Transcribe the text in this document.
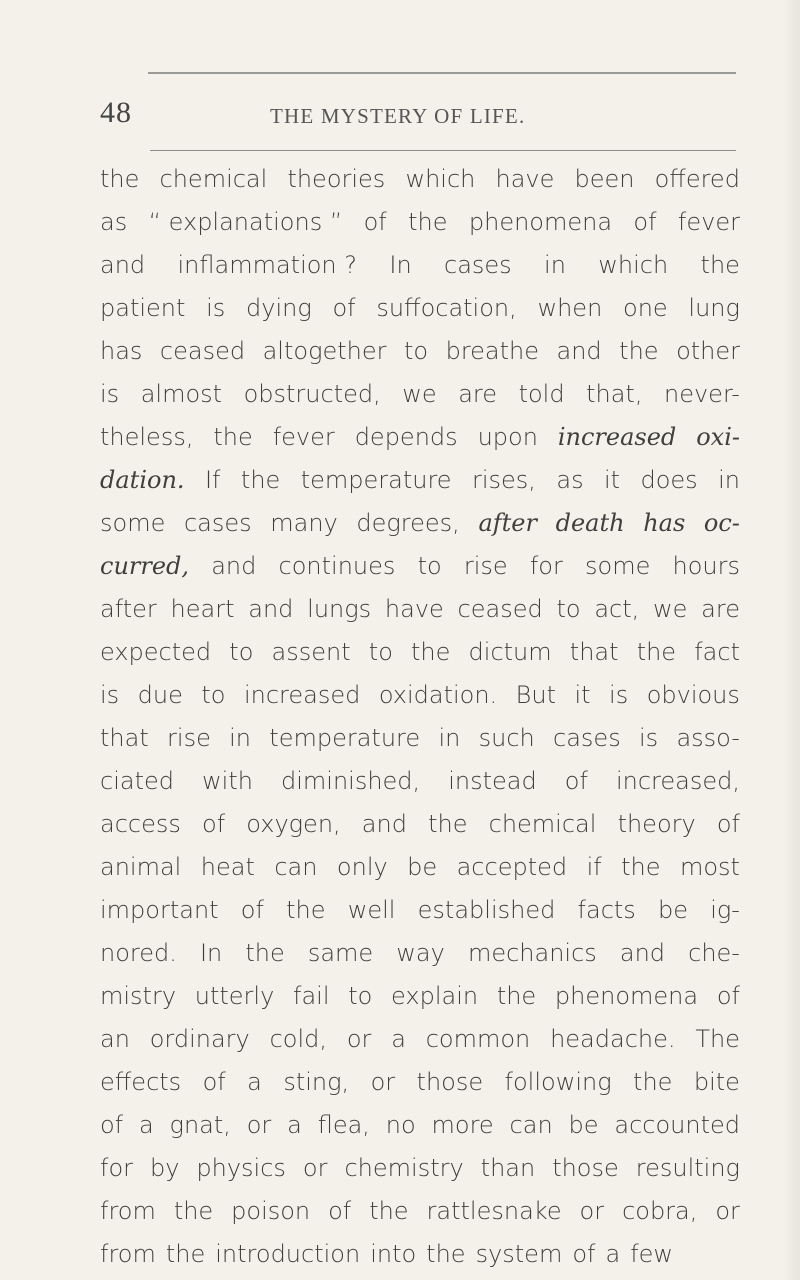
48	THE MYSTERY OF LIFE.
the chemical theories which have been offered
as “ explanations ” of the phenomena of fever
and inflammation ? In cases in which the
patient is dying of suffocation, when one lung
has ceased altogether to breathe and the other
is almost obstructed, we are told that, never-
theless, the fever depends upon increased oxi-
dation. If the temperature rises, as it does in
some cases many degrees, after death has oc-
curred, and continues to rise for some hours
after heart and lungs have ceased to act, we are
expected to assent to the dictum that the fact
is due to increased oxidation. But it is obvious
that rise in temperature in such cases is asso-
ciated with diminished, instead of increased,
access of oxygen, and the chemical theory of
animal heat can only be accepted if the most
important of the well established facts be ig-
nored. In the same way mechanics and che-
mistry utterly fail to explain the phenomena of
an ordinary cold, or a common headache. The
effects of a sting, or those following the bite
of a gnat, or a flea, no more can be accounted
for by physics or chemistry than those resulting
from the poison of the rattlesnake or cobra, or
from the introduction into the system of a few
